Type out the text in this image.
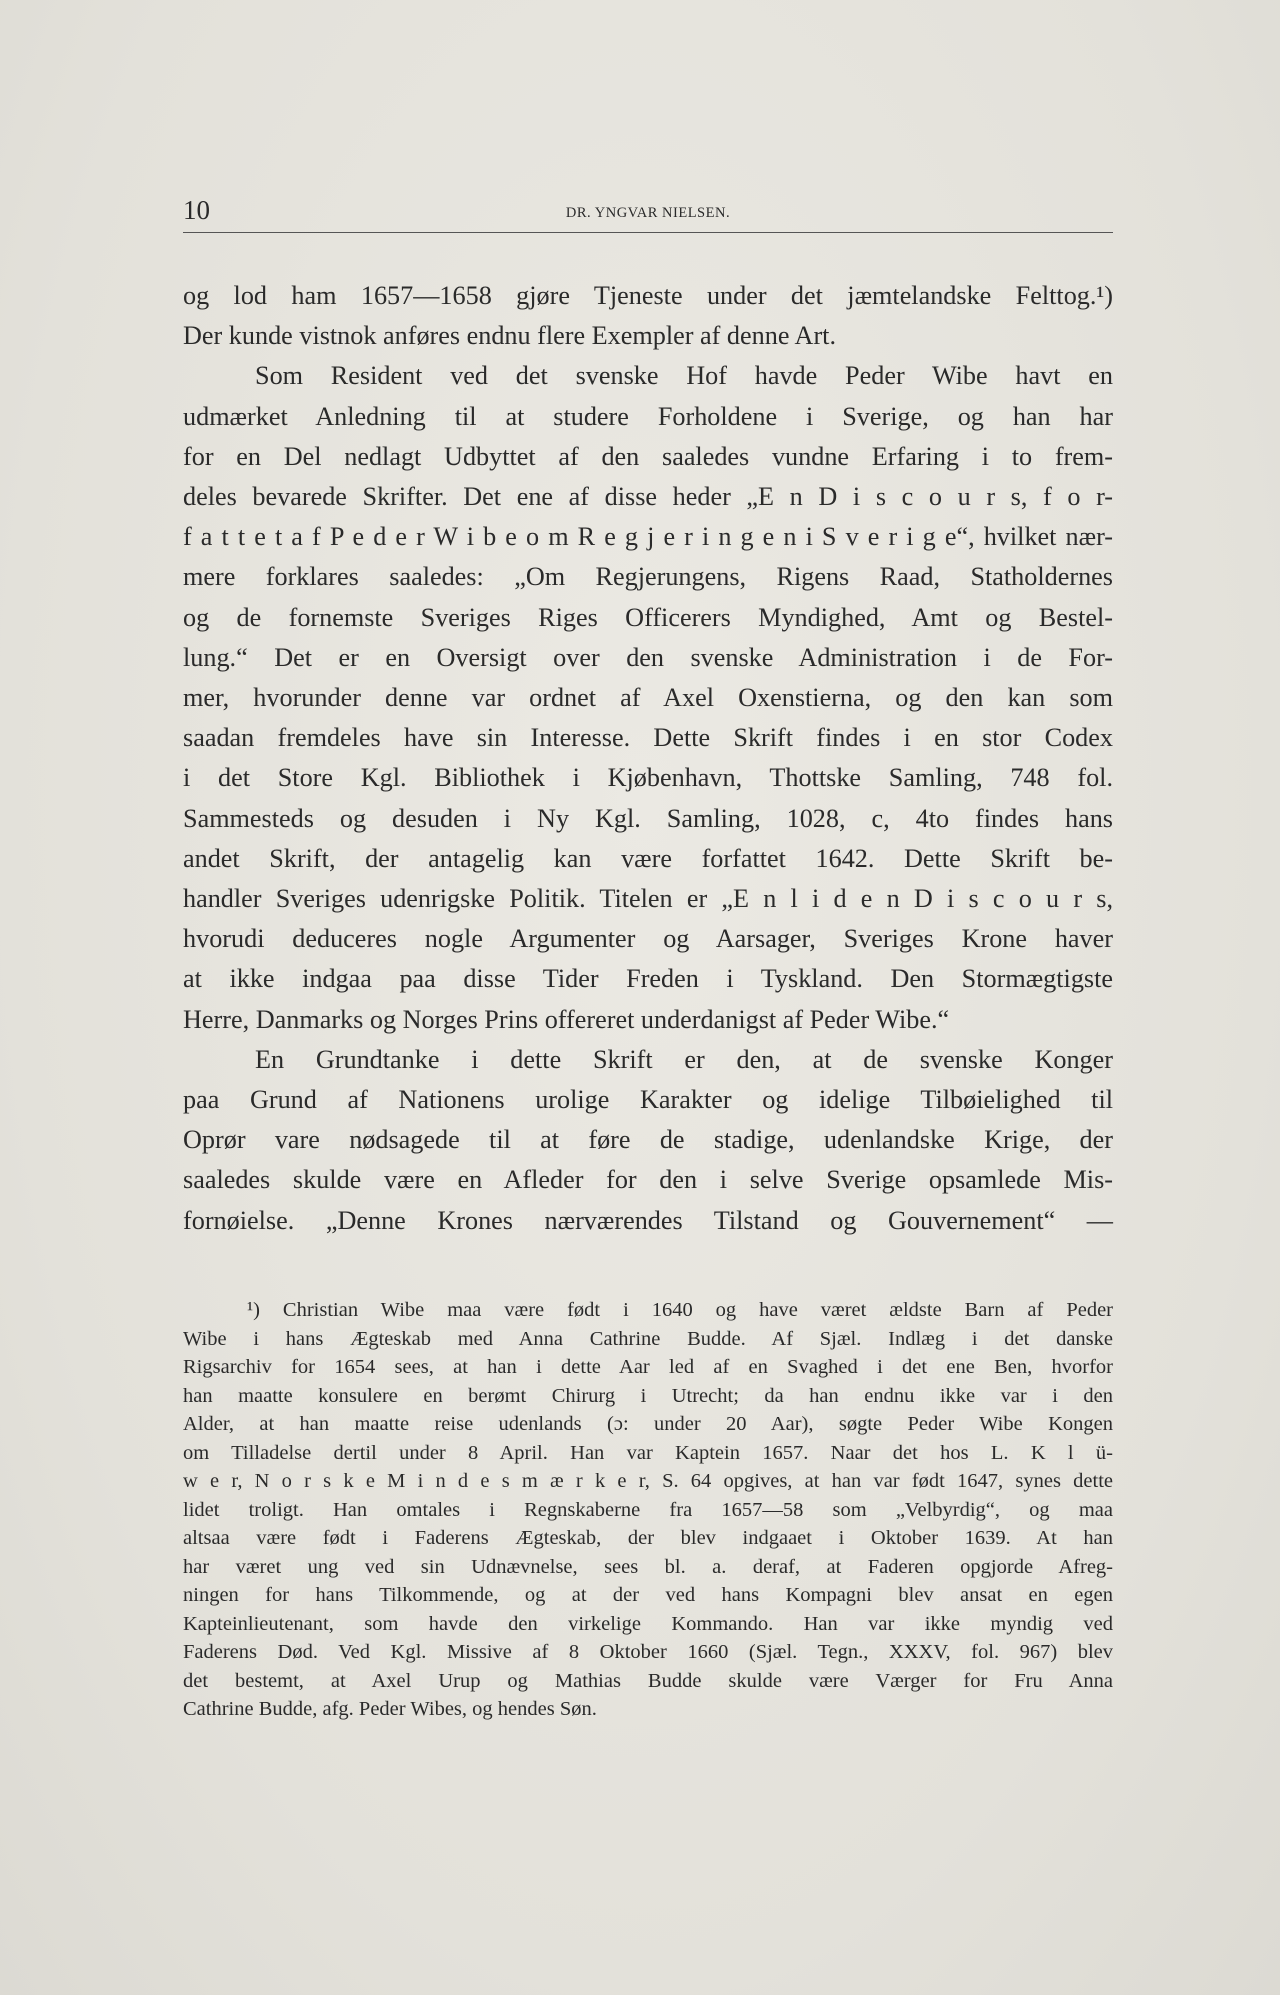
10	DR. YNGVAR NIELSEN.
og lod ham 1657—1658 gjøre Tjeneste under det jæmtelandske Felttog.¹)
Der kunde vistnok anføres endnu flere Exempler af denne Art.
Som Resident ved det svenske Hof havde Peder Wibe havt en
udmærket Anledning til at studere Forholdene i Sverige, og han har
for en Del nedlagt Udbyttet af den saaledes vundne Erfaring i to frem-
deles bevarede Skrifter. Det ene af disse heder „E n D i s c o u r s, f o r-
f a t t e t a f P e d e r W i b e o m R e g j e r i n g e n i S v e r i g e“, hvilket nær-
mere forklares saaledes: „Om Regjerungens, Rigens Raad, Statholdernes
og de fornemste Sveriges Riges Officerers Myndighed, Amt og Bestel-
lung.“ Det er en Oversigt over den svenske Administration i de For-
mer, hvorunder denne var ordnet af Axel Oxenstierna, og den kan som
saadan fremdeles have sin Interesse. Dette Skrift findes i en stor Codex
i det Store Kgl. Bibliothek i Kjøbenhavn, Thottske Samling, 748 fol.
Sammesteds og desuden i Ny Kgl. Samling, 1028, c, 4to findes hans
andet Skrift, der antagelig kan være forfattet 1642. Dette Skrift be-
handler Sveriges udenrigske Politik. Titelen er „E n l i d e n D i s c o u r s,
hvorudi deduceres nogle Argumenter og Aarsager, Sveriges Krone haver
at ikke indgaa paa disse Tider Freden i Tyskland. Den Stormægtigste
Herre, Danmarks og Norges Prins offereret underdanigst af Peder Wibe.“
En Grundtanke i dette Skrift er den, at de svenske Konger
paa Grund af Nationens urolige Karakter og idelige Tilbøielighed til
Oprør vare nødsagede til at føre de stadige, udenlandske Krige, der
saaledes skulde være en Afleder for den i selve Sverige opsamlede Mis-
fornøielse. „Denne Krones nærværendes Tilstand og Gouvernement“ —
¹) Christian Wibe maa være født i 1640 og have været ældste Barn af Peder
Wibe i hans Ægteskab med Anna Cathrine Budde. Af Sjæl. Indlæg i det danske
Rigsarchiv for 1654 sees, at han i dette Aar led af en Svaghed i det ene Ben, hvorfor
han maatte konsulere en berømt Chirurg i Utrecht; da han endnu ikke var i den
Alder, at han maatte reise udenlands (ɔ: under 20 Aar), søgte Peder Wibe Kongen
om Tilladelse dertil under 8 April. Han var Kaptein 1657. Naar det hos L. K l ü-
w e r, N o r s k e M i n d e s m æ r k e r, S. 64 opgives, at han var født 1647, synes dette
lidet troligt. Han omtales i Regnskaberne fra 1657—58 som „Velbyrdig“, og maa
altsaa være født i Faderens Ægteskab, der blev indgaaet i Oktober 1639. At han
har været ung ved sin Udnævnelse, sees bl. a. deraf, at Faderen opgjorde Afreg-
ningen for hans Tilkommende, og at der ved hans Kompagni blev ansat en egen
Kapteinlieutenant, som havde den virkelige Kommando. Han var ikke myndig ved
Faderens Død. Ved Kgl. Missive af 8 Oktober 1660 (Sjæl. Tegn., XXXV, fol. 967) blev
det bestemt, at Axel Urup og Mathias Budde skulde være Værger for Fru Anna
Cathrine Budde, afg. Peder Wibes, og hendes Søn.
